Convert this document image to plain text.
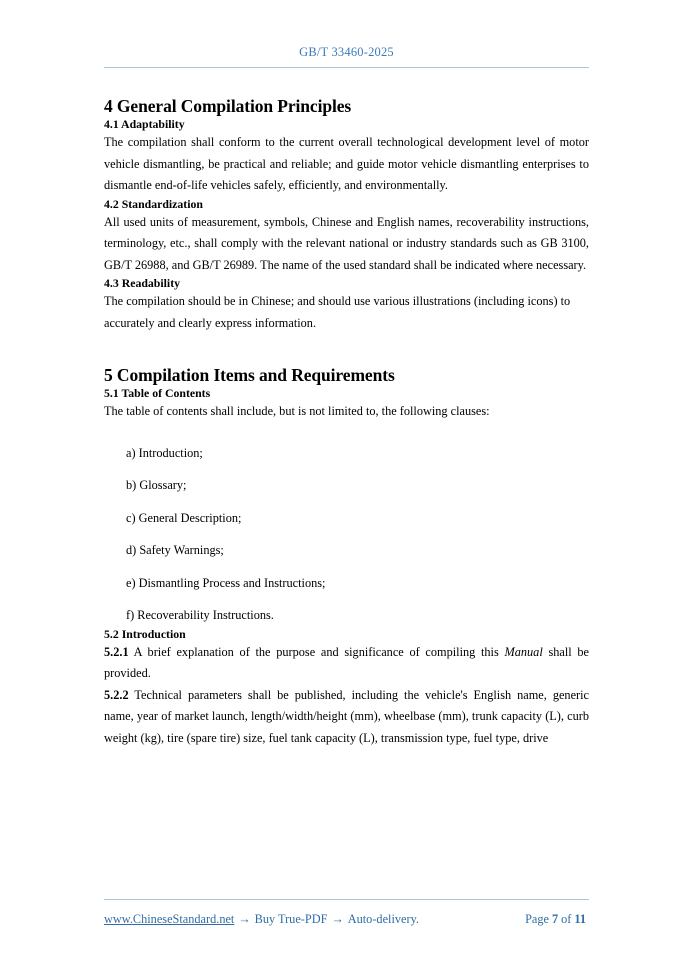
GB/T 33460-2025
4 General Compilation Principles
4.1 Adaptability

The compilation shall conform to the current overall technological development level of motor vehicle dismantling, be practical and reliable; and guide motor vehicle dismantling enterprises to dismantle end-of-life vehicles safely, efficiently, and environmentally.

4.2 Standardization

All used units of measurement, symbols, Chinese and English names, recoverability instructions, terminology, etc., shall comply with the relevant national or industry standards such as GB 3100, GB/T 26988, and GB/T 26989. The name of the used standard shall be indicated where necessary.

4.3 Readability

The compilation should be in Chinese; and should use various illustrations (including icons) to accurately and clearly express information.

5 Compilation Items and Requirements
5.1 Table of Contents

The table of contents shall include, but is not limited to, the following clauses:

a) Introduction;
b) Glossary;
c) General Description;
d) Safety Warnings;
e) Dismantling Process and Instructions;
f) Recoverability Instructions.
5.2 Introduction

5.2.1 A brief explanation of the purpose and significance of compiling this Manual shall be provided.

5.2.2 Technical parameters shall be published, including the vehicle's English name, generic name, year of market launch, length/width/height (mm), wheelbase (mm), trunk capacity (L), curb weight (kg), tire (spare tire) size, fuel tank capacity (L), transmission type, fuel type, drive

www.ChineseStandard.net → Buy True-PDF → Auto-delivery.	Page 7 of 11
